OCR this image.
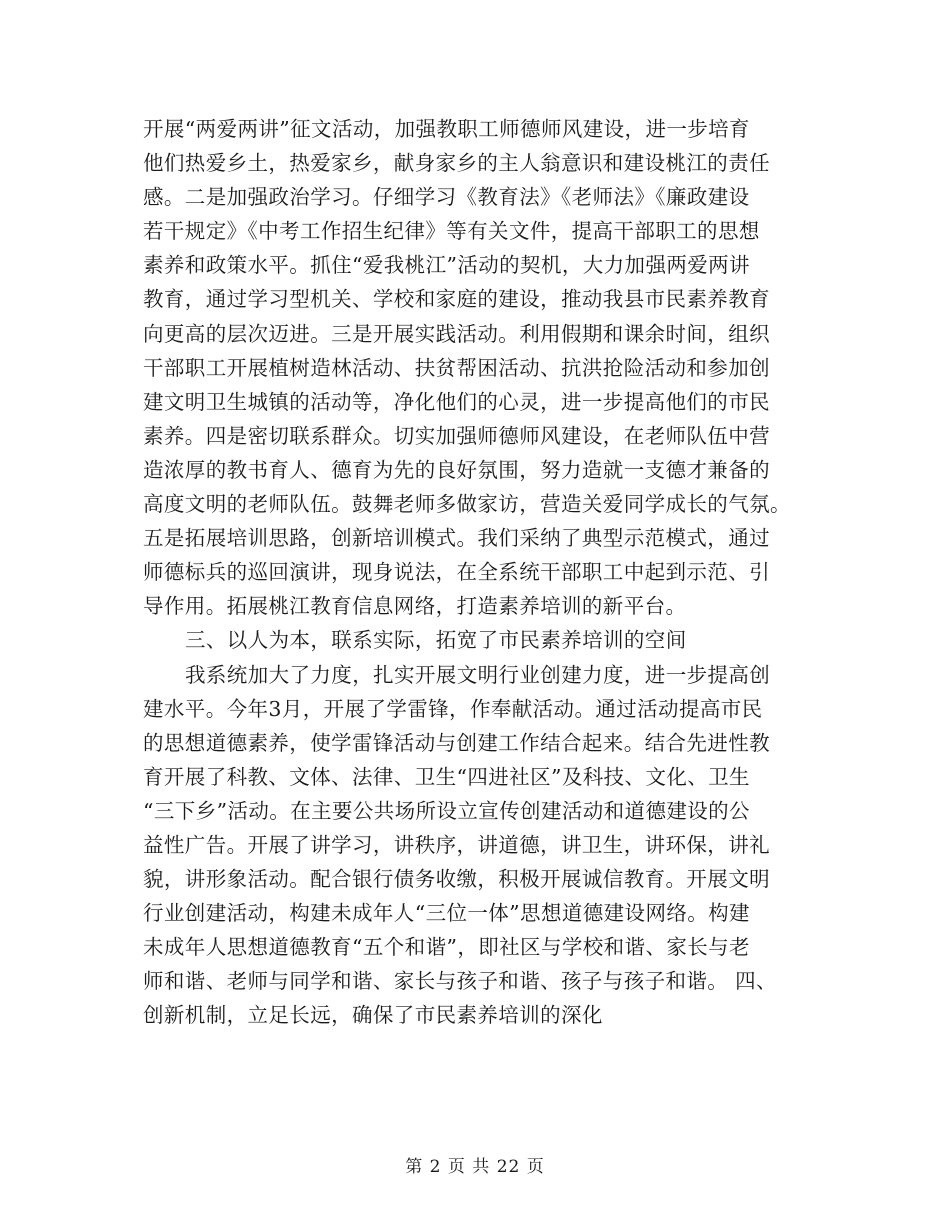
开展“两爱两讲”征文活动，加强教职工师德师风建设，进一步培育
他们热爱乡土，热爱家乡，献身家乡的主人翁意识和建设桃江的责任
感。二是加强政治学习。仔细学习《教育法》《老师法》《廉政建设
若干规定》《中考工作招生纪律》等有关文件，提高干部职工的思想
素养和政策水平。抓住“爱我桃江”活动的契机，大力加强两爱两讲
教育，通过学习型机关、学校和家庭的建设，推动我县市民素养教育
向更高的层次迈进。三是开展实践活动。利用假期和课余时间，组织
干部职工开展植树造林活动、扶贫帮困活动、抗洪抢险活动和参加创
建文明卫生城镇的活动等，净化他们的心灵，进一步提高他们的市民
素养。四是密切联系群众。切实加强师德师风建设，在老师队伍中营
造浓厚的教书育人、德育为先的良好氛围，努力造就一支德才兼备的
高度文明的老师队伍。鼓舞老师多做家访，营造关爱同学成长的气氛。
五是拓展培训思路，创新培训模式。我们采纳了典型示范模式，通过
师德标兵的巡回演讲，现身说法，在全系统干部职工中起到示范、引
导作用。拓展桃江教育信息网络，打造素养培训的新平台。
三、以人为本，联系实际，拓宽了市民素养培训的空间
我系统加大了力度，扎实开展文明行业创建力度，进一步提高创
建水平。今年3月，开展了学雷锋，作奉献活动。通过活动提高市民
的思想道德素养，使学雷锋活动与创建工作结合起来。结合先进性教
育开展了科教、文体、法律、卫生“四进社区”及科技、文化、卫生
“三下乡”活动。在主要公共场所设立宣传创建活动和道德建设的公
益性广告。开展了讲学习，讲秩序，讲道德，讲卫生，讲环保，讲礼
貌，讲形象活动。配合银行债务收缴，积极开展诚信教育。开展文明
行业创建活动，构建未成年人“三位一体”思想道德建设网络。构建
未成年人思想道德教育“五个和谐”，即社区与学校和谐、家长与老
师和谐、老师与同学和谐、家长与孩子和谐、孩子与孩子和谐。 四、
创新机制，立足长远，确保了市民素养培训的深化
第 2 页 共 22 页
